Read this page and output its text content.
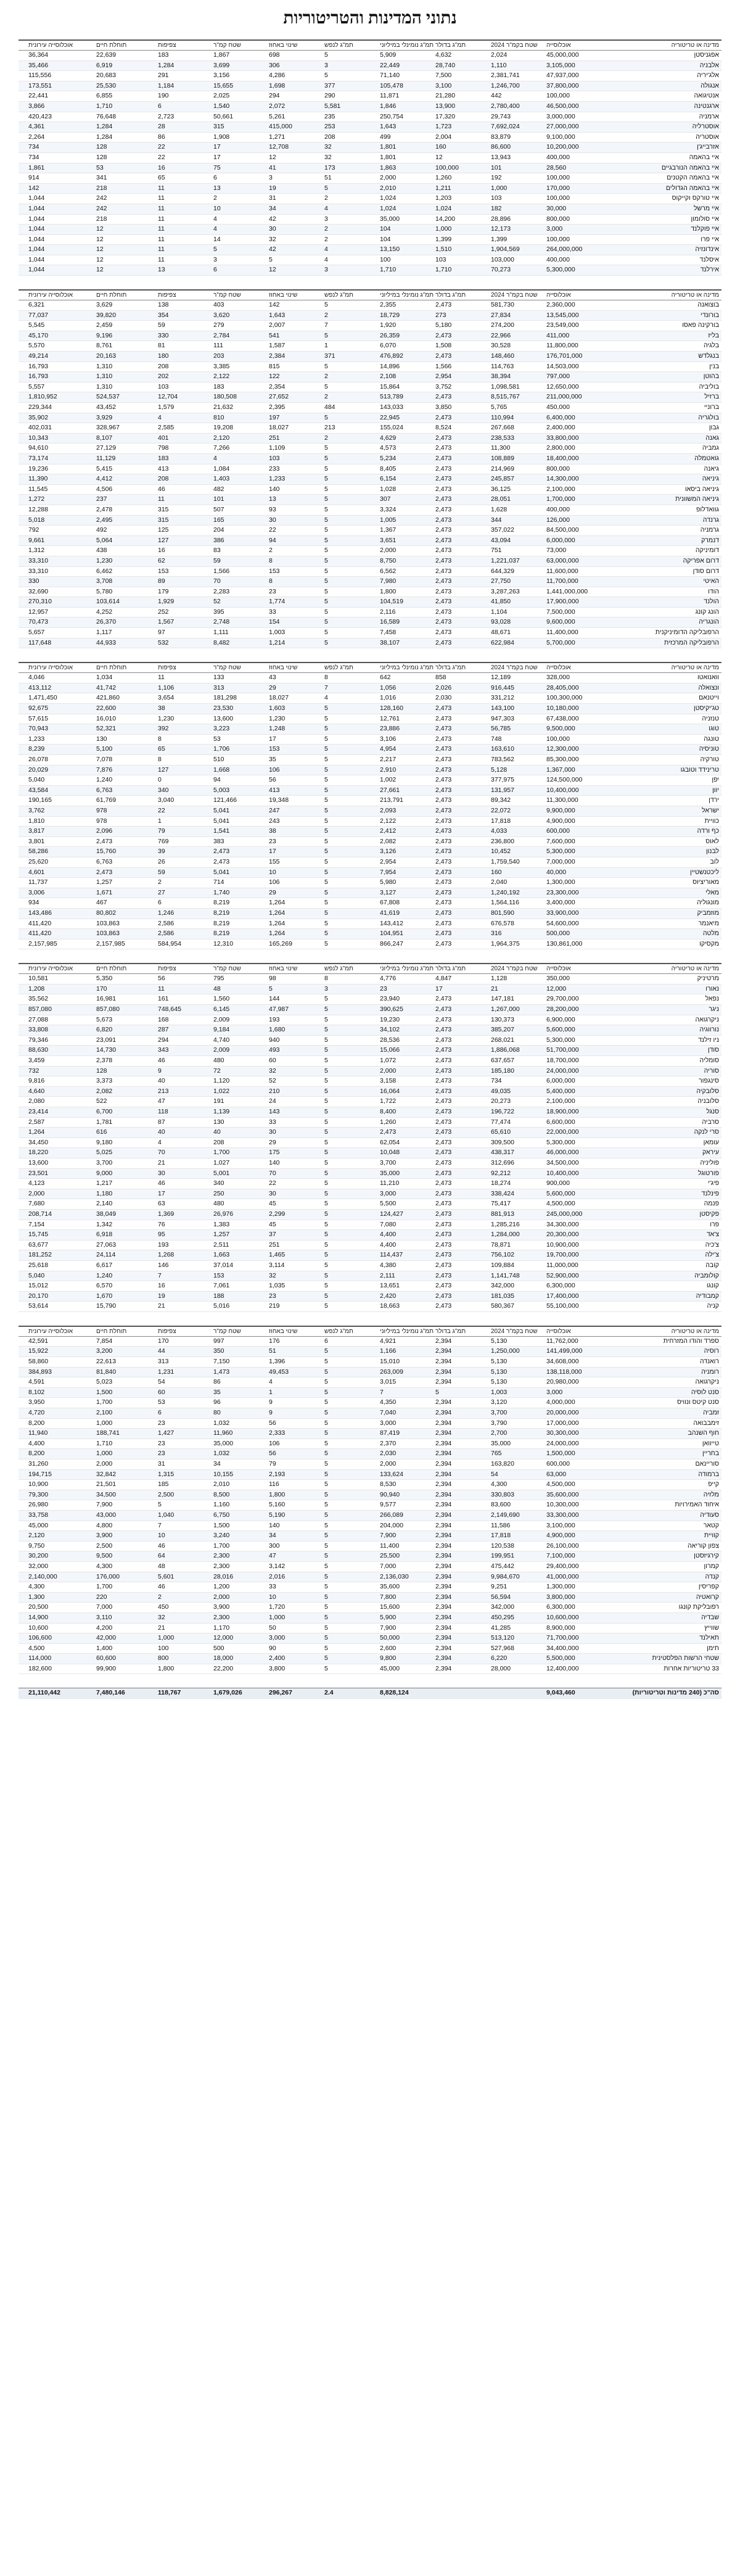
נתוני המדינות והטריטוריות
מדינה או טריטוריה
אוכלוסייה
שטח בקמ"ר 2024
תמ"ג בדולר
תמ"ג נומינלי במיליוני
תמ"ג לנפש
שינוי באחוז
שטח קמ"ר
צפיפות
תוחלת חיים
אוכלוסייה עירונית
אפגניסטן
45,000,000
2,024
4,632
5,909
5
698
1,867
183
22,639
36,364
אלבניה
3,105,000
1,110
28,740
22,449
3
306
3,699
1,284
6,919
35,466
אלג'יריה
47,937,000
2,381,741
7,500
71,140
5
4,286
3,156
291
20,683
115,556
אנגולה
37,800,000
1,246,700
3,100
105,478
377
1,698
15,655
1,184
25,530
173,551
אנטיגואה
100,000
442
21,280
11,871
290
294
2,025
190
6,855
22,441
ארגנטינה
46,500,000
2,780,400
13,900
1,846
5,581
2,072
1,540
6
1,710
3,866
ארמניה
3,000,000
29,743
17,320
250,754
235
5,261
50,661
2,723
76,648
420,423
אוסטרליה
27,000,000
7,692,024
1,723
1,643
253
415,000
315
28
1,284
4,361
אוסטריה
9,100,000
83,879
2,004
499
208
1,271
1,908
86
1,284
2,264
אזרבייג'ן
10,200,000
86,600
160
1,801
32
12,708
17
22
128
734
איי בהאמה
400,000
13,943
12
1,801
32
12
17
22
128
734
איי בהאמה הנורבגיים
28,560
101
100,000
1,863
173
41
75
16
53
1,861
איי בהאמה הקטנים
100,000
192
1,260
2,000
51
3
6
65
341
914
איי בהאמה הגדולים
170,000
1,000
1,211
2,010
5
19
13
11
218
142
איי טורקס וקייקוס
100,000
103
1,203
1,024
2
31
2
11
242
1,044
איי מרשל
30,000
182
1,024
1,024
4
34
10
11
242
1,044
איי סולומון
800,000
28,896
14,200
35,000
3
42
4
11
218
1,044
איי פוקלנד
3,000
12,173
1,000
104
2
30
4
11
12
1,044
איי פרו
100,000
1,399
1,399
104
2
32
14
11
12
1,044
אינדונזיה
264,000,000
1,904,569
1,510
13,150
4
42
5
11
12
1,044
איסלנד
400,000
103,000
103
100
4
5
3
11
12
1,044
אירלנד
5,300,000
70,273
1,710
1,710
3
12
6
13
12
1,044
מדינה או טריטוריה
אוכלוסייה
שטח בקמ"ר 2024
תמ"ג בדולר
תמ"ג נומינלי במיליוני
תמ"ג לנפש
שינוי באחוז
שטח קמ"ר
צפיפות
תוחלת חיים
אוכלוסייה עירונית
בוצואנה
2,360,000
581,730
2,473
2,355
5
142
403
138
3,629
6,321
בורונדי
13,545,000
27,834
273
18,729
2
1,643
3,620
354
39,820
77,037
בורקינה פאסו
23,549,000
274,200
5,180
1,920
7
2,007
279
59
2,459
5,545
בליז
411,000
22,966
2,473
26,359
5
541
2,784
330
9,196
45,170
בלגיה
11,800,000
30,528
1,508
6,070
1
1,587
111
81
8,761
5,570
בנגלדש
176,701,000
148,460
2,473
476,892
371
2,384
203
180
20,163
49,214
בנין
14,503,000
114,763
1,566
14,896
5
815
3,385
208
1,310
16,793
בהוטן
797,000
38,394
2,954
2,108
2
122
2,122
202
1,310
16,793
בוליביה
12,650,000
1,098,581
3,752
15,864
5
2,354
183
103
1,310
5,557
ברזיל
211,000,000
8,515,767
2,473
513,789
2
27,652
180,508
12,704
524,537
1,810,952
ברוניי
450,000
5,765
3,850
143,033
484
2,395
21,632
1,579
43,452
229,344
בולגריה
6,400,000
110,994
2,473
22,945
5
197
810
4
3,929
35,902
גבון
2,400,000
267,668
8,524
155,024
213
18,027
19,208
2,585
328,967
402,031
גאנה
33,800,000
238,533
2,473
4,629
2
251
2,120
401
8,107
10,343
גמביה
2,800,000
11,300
2,473
4,573
5
1,109
7,266
798
27,129
94,610
גואטמלה
18,400,000
108,889
2,473
5,234
5
103
4
183
11,129
73,174
גיאנה
800,000
214,969
2,473
8,405
5
233
1,084
413
5,415
19,236
גיניאה
14,300,000
245,857
2,473
6,154
5
1,233
1,403
208
4,412
11,390
גיניאה ביסאו
2,100,000
36,125
2,473
1,028
5
140
482
46
4,506
11,545
גיניאה המשוונית
1,700,000
28,051
2,473
307
5
13
101
11
237
1,272
גוואדלופ
400,000
1,628
2,473
3,324
5
93
507
315
2,478
12,288
גרנדה
126,000
344
2,473
1,005
5
30
165
315
2,495
5,018
גרמניה
84,500,000
357,022
2,473
1,367
5
22
204
125
492
792
דנמרק
6,000,000
43,094
2,473
3,651
5
94
386
127
5,064
9,661
דומיניקה
73,000
751
2,473
2,000
5
2
83
16
438
1,312
דרום אפריקה
63,000,000
1,221,037
2,473
8,750
5
8
59
62
1,230
33,310
דרום סודן
11,600,000
644,329
2,473
6,562
5
153
1,566
153
6,462
33,310
האיטי
11,700,000
27,750
2,473
7,980
5
8
70
89
3,708
330
הודו
1,441,000,000
3,287,263
2,473
1,800
5
23
2,283
179
5,780
32,690
הולנד
17,900,000
41,850
2,473
104,519
5
1,774
52
1,929
103,614
270,310
הונג קונג
7,500,000
1,104
2,473
2,116
5
33
395
252
4,252
12,957
הונגריה
9,600,000
93,028
2,473
16,589
5
154
2,748
1,567
26,370
70,473
הרפובליקה הדומיניקנית
11,400,000
48,671
2,473
7,458
5
1,003
1,111
97
1,117
5,657
הרפובליקה המרכזית
5,700,000
622,984
2,473
38,107
5
1,214
8,482
532
44,933
117,648
מדינה או טריטוריה
אוכלוסייה
שטח בקמ"ר 2024
תמ"ג בדולר
תמ"ג נומינלי במיליוני
תמ"ג לנפש
שינוי באחוז
שטח קמ"ר
צפיפות
תוחלת חיים
אוכלוסייה עירונית
וואנואטו
328,000
12,189
858
642
8
43
133
11
1,034
4,046
ונצואלה
28,405,000
916,445
2,026
1,056
7
29
313
1,106
41,742
413,112
וייטנאם
100,300,000
331,212
2,030
1,016
4
18,027
181,298
3,654
421,860
1,471,450
טג'יקיסטן
10,180,000
143,100
2,473
128,160
5
1,603
23,530
38
22,600
92,675
טנזניה
67,438,000
947,303
2,473
12,761
5
1,230
13,600
1,230
16,010
57,615
טוגו
9,500,000
56,785
2,473
23,886
5
1,248
3,223
392
52,321
70,943
טונגה
100,000
748
2,473
3,106
5
17
53
8
130
1,233
טוניסיה
12,300,000
163,610
2,473
4,954
5
153
1,706
65
5,100
8,239
טורקיה
85,300,000
783,562
2,473
2,217
5
35
510
8
7,078
26,078
טרינידד וטובגו
1,367,000
5,128
2,473
2,910
5
106
1,668
127
7,876
20,029
יפן
124,500,000
377,975
2,473
1,002
5
56
94
0
1,240
5,040
יוון
10,400,000
131,957
2,473
27,661
5
413
5,003
340
6,763
43,584
ירדן
11,300,000
89,342
2,473
213,791
5
19,348
121,466
3,040
61,769
190,165
ישראל
9,900,000
22,072
2,473
2,093
5
247
5,041
22
978
3,762
כוויית
4,900,000
17,818
2,473
2,122
5
243
5,041
1
978
1,810
כף ורדה
600,000
4,033
2,473
2,412
5
38
1,541
79
2,096
3,817
לאוס
7,600,000
236,800
2,473
2,082
5
23
383
769
2,473
3,801
לבנון
5,300,000
10,452
2,473
3,126
5
17
2,473
39
15,760
58,286
לוב
7,000,000
1,759,540
2,473
2,954
5
155
2,473
26
6,763
25,620
ליכטנשטיין
40,000
160
2,473
7,954
5
10
5,041
59
2,473
4,601
מאוריציוס
1,300,000
2,040
2,473
5,980
5
106
714
2
1,257
11,737
מאלי
23,300,000
1,240,192
2,473
3,127
5
29
1,740
27
1,671
3,006
מונגוליה
3,400,000
1,564,116
2,473
67,808
5
1,264
8,219
6
467
934
מוזמביק
33,900,000
801,590
2,473
41,619
5
1,264
8,219
1,246
80,802
143,486
מיאנמר
54,600,000
676,578
2,473
143,412
5
1,264
8,219
2,586
103,863
411,420
מלטה
500,000
316
2,473
104,951
5
1,264
8,219
2,586
103,863
411,420
מקסיקו
130,861,000
1,964,375
2,473
866,247
5
165,269
12,310
584,954
2,157,985
2,157,985
מדינה או טריטוריה
אוכלוסייה
שטח בקמ"ר 2024
תמ"ג בדולר
תמ"ג נומינלי במיליוני
תמ"ג לנפש
שינוי באחוז
שטח קמ"ר
צפיפות
תוחלת חיים
אוכלוסייה עירונית
מרטיניק
350,000
1,128
4,847
4,776
8
98
795
56
5,350
10,581
נאורו
12,000
21
17
23
3
5
48
11
170
1,208
נפאל
29,700,000
147,181
2,473
23,940
5
144
1,560
161
16,981
35,562
ניגר
28,200,000
1,267,000
2,473
390,625
5
47,987
6,145
748,645
857,080
857,080
ניקרגואה
6,900,000
130,373
2,473
19,230
5
193
2,009
168
5,673
27,088
נורווגיה
5,600,000
385,207
2,473
34,102
5
1,680
9,184
287
6,820
33,808
ניו זילנד
5,300,000
268,021
2,473
28,536
5
940
4,740
294
23,091
79,346
סודן
51,700,000
1,886,068
2,473
15,066
5
493
2,009
343
14,730
88,630
סומליה
18,700,000
637,657
2,473
1,072
5
60
480
46
2,378
3,459
סוריה
24,000,000
185,180
2,473
2,000
5
32
72
9
128
732
סינגפור
6,000,000
734
2,473
3,158
5
52
1,120
40
3,373
9,816
סלובקיה
5,400,000
49,035
2,473
16,064
5
210
1,022
213
2,082
4,640
סלובניה
2,100,000
20,273
2,473
1,722
5
24
191
47
522
2,080
סנגל
18,900,000
196,722
2,473
8,400
5
143
1,139
118
6,700
23,414
סרביה
6,600,000
77,474
2,473
1,260
5
33
130
87
1,781
2,587
סרי לנקה
22,000,000
65,610
2,473
2,473
5
30
40
40
616
1,264
עומאן
5,300,000
309,500
2,473
62,054
5
29
208
4
9,180
34,450
עיראק
46,000,000
438,317
2,473
10,048
5
175
1,700
70
5,025
18,220
פוליניה
34,500,000
312,696
2,473
3,700
5
140
1,027
21
3,700
13,600
פורטוגל
10,400,000
92,212
2,473
35,000
5
70
5,001
30
9,000
23,501
פיג'י
900,000
18,274
2,473
11,210
5
22
340
46
1,217
4,123
פינלנד
5,600,000
338,424
2,473
3,000
5
30
250
17
1,180
2,000
פנמה
4,500,000
75,417
2,473
5,500
5
45
480
63
2,140
7,680
פקיסטן
245,000,000
881,913
2,473
124,427
5
2,299
26,976
1,369
38,049
208,714
פרו
34,300,000
1,285,216
2,473
7,080
5
45
1,383
76
1,342
7,154
צ'אד
20,300,000
1,284,000
2,473
4,400
5
37
1,257
95
6,918
15,745
צ'כיה
10,900,000
78,871
2,473
4,400
5
251
2,511
193
27,063
63,677
צ'ילה
19,700,000
756,102
2,473
114,437
5
1,465
1,663
1,268
24,114
181,252
קובה
11,000,000
109,884
2,473
4,380
5
3,114
37,014
146
6,617
25,618
קולומביה
52,900,000
1,141,748
2,473
2,111
5
32
153
7
1,240
5,040
קונגו
6,300,000
342,000
2,473
13,651
5
1,035
7,061
16
6,570
15,012
קמבודיה
17,400,000
181,035
2,473
2,420
5
23
188
19
1,670
20,170
קניה
55,100,000
580,367
2,473
18,663
5
219
5,016
21
15,790
53,614
מדינה או טריטוריה
אוכלוסייה
שטח בקמ"ר 2024
תמ"ג בדולר
תמ"ג נומינלי במיליוני
תמ"ג לנפש
שינוי באחוז
שטח קמ"ר
צפיפות
תוחלת חיים
אוכלוסייה עירונית
ספרד והודו המזרחית
11,762,000
5,130
2,394
4,921
6
176
997
170
7,854
42,591
רוסיה
141,499,000
1,250,000
2,394
1,166
5
51
350
44
3,200
15,922
רואנדה
34,608,000
5,130
2,394
15,010
5
1,396
7,150
313
22,613
58,860
רומניה
138,118,000
5,130
2,394
263,009
5
49,453
1,473
1,231
81,840
384,893
ניקרגואה
20,980,000
5,130
2,394
3,015
5
4
86
54
5,023
4,591
סנט לוסיה
3,000
1,003
5
7
5
1
35
60
1,500
8,102
סנט קיטס ונוויס
4,000,000
3,120
2,394
4,350
5
9
96
53
1,700
3,950
זמביה
20,000,000
3,700
2,394
7,040
5
9
80
6
2,100
4,720
זימבבואה
17,000,000
3,790
2,394
3,000
5
56
1,032
23
1,000
8,200
חוף השנהב
30,300,000
2,700
2,394
87,419
5
2,333
11,960
1,427
188,741
11,940
טייוואן
24,000,000
35,000
2,394
2,370
5
106
35,000
23
1,710
4,400
בחריין
1,500,000
765
2,394
2,030
5
56
1,032
23
1,000
8,200
סוריינאם
600,000
163,820
2,394
2,000
5
79
34
31
2,000
31,260
ברמודה
63,000
54
2,394
133,624
5
2,193
10,155
1,315
32,842
194,715
קייפ
4,500,000
4,300
2,394
8,530
5
116
2,010
185
21,501
10,900
מלזיה
35,600,000
330,803
2,394
90,940
5
1,800
8,500
2,500
34,500
79,300
איחוד האמירויות
10,300,000
83,600
2,394
9,577
5
5,160
1,160
5
7,900
26,980
סעודיה
33,300,000
2,149,690
2,394
266,089
5
5,190
6,750
1,040
43,000
33,758
קטאר
3,100,000
11,586
2,394
204,000
5
140
1,500
7
4,800
45,000
קוויית
4,900,000
17,818
2,394
7,900
5
34
3,240
10
3,900
2,120
צפון קוריאה
26,100,000
120,538
2,394
11,400
5
300
1,700
46
2,500
9,750
קירגיזסטן
7,100,000
199,951
2,394
25,500
5
47
2,300
64
9,500
30,200
קמרון
29,400,000
475,442
2,394
7,000
5
3,142
2,300
48
4,300
32,000
קנדה
41,000,000
9,984,670
2,394
2,136,030
5
2,016
28,016
5,601
176,000
2,140,000
קפריסין
1,300,000
9,251
2,394
35,600
5
33
1,200
46
1,700
4,300
קרואטיה
3,800,000
56,594
2,394
7,800
5
10
2,000
2
220
1,300
רפובליקת קונגו
6,300,000
342,000
2,394
15,600
5
1,720
3,900
450
7,000
20,500
שבדיה
10,600,000
450,295
2,394
5,900
5
1,000
2,300
32
3,110
14,900
שווייץ
8,900,000
41,285
2,394
7,900
5
50
1,170
21
4,200
10,600
תאילנד
71,700,000
513,120
2,394
50,000
5
3,000
12,000
1,000
42,000
106,600
תימן
34,400,000
527,968
2,394
2,600
5
90
500
100
1,400
4,500
שטחי הרשות הפלסטינית
5,500,000
6,220
2,394
9,800
5
2,400
18,000
800
60,600
114,000
33 טריטוריות אחרות
12,400,000
28,000
2,394
45,000
5
3,800
22,200
1,800
99,900
182,600
סה"כ (240 מדינות וטריטוריות)
9,043,460
8,828,124
2.4
296,267
1,679,026
118,767
7,480,146
21,110,442
